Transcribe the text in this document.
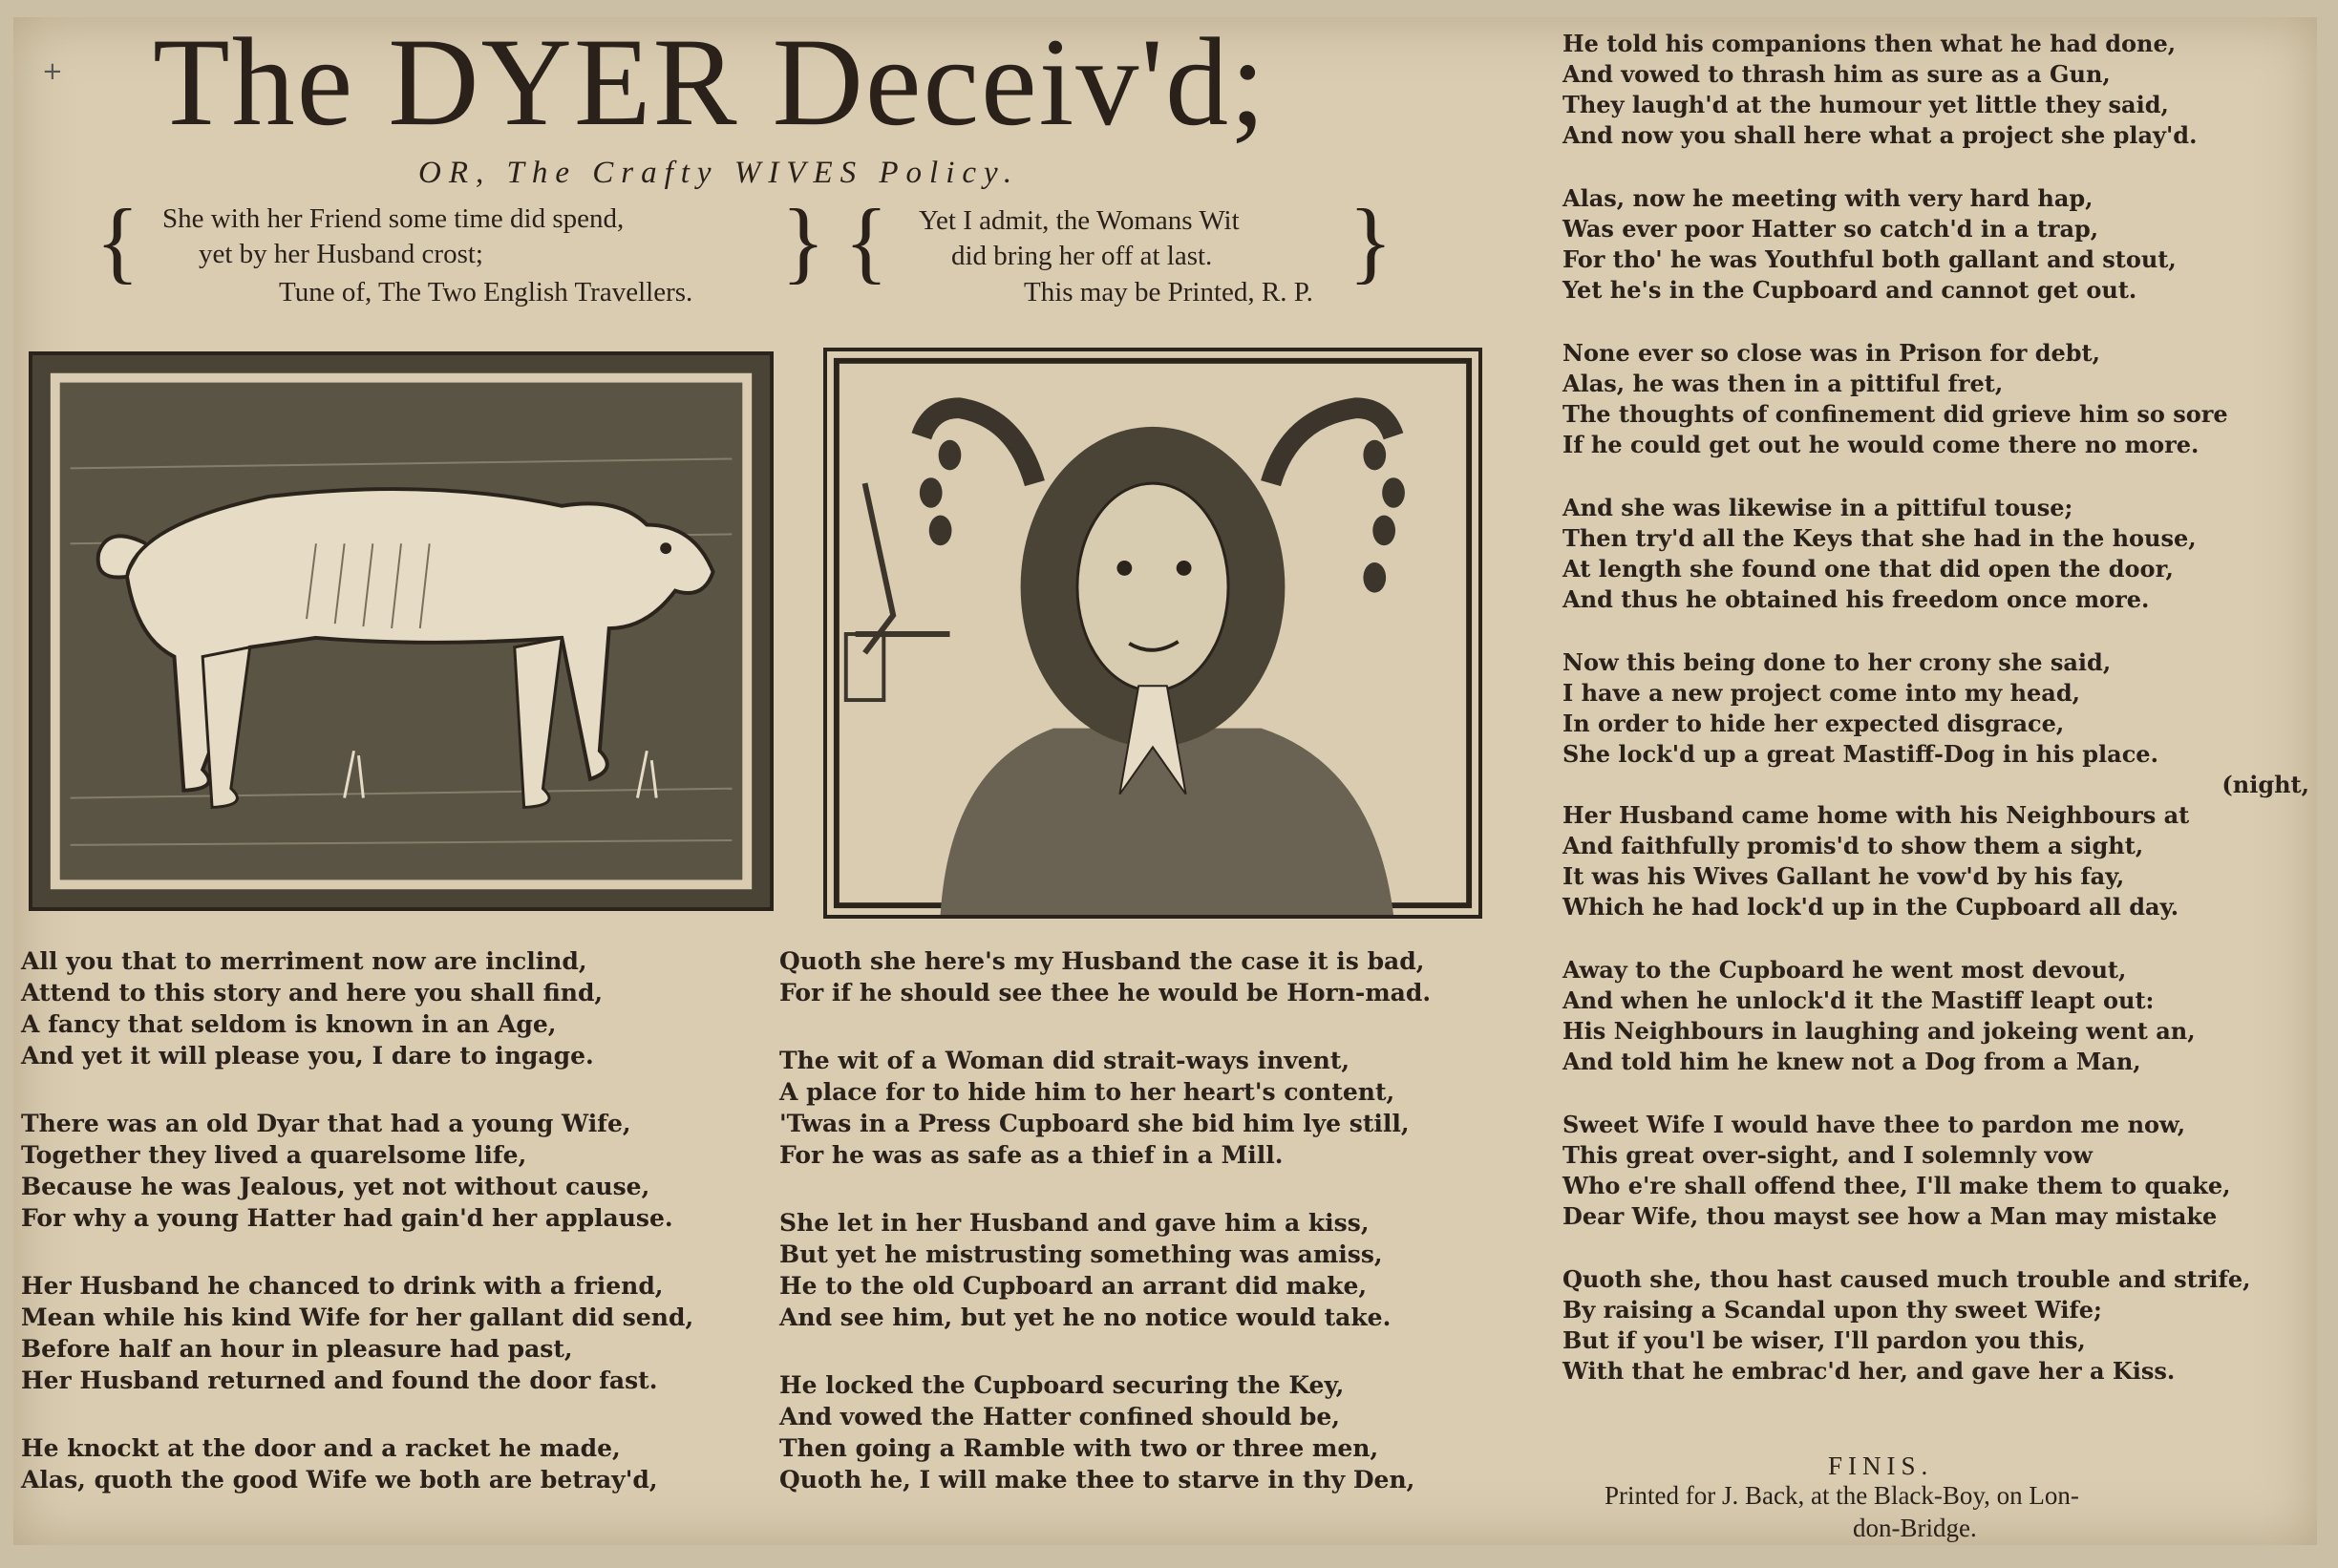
+ The DYER Deceiv'd;
OR, The Crafty WIVES Policy.
{ She with her Friend some time did spend,
yet by her Husband crost;	} { Yet I admit, the Womans Wit
did bring her off at last. }
Tune of, The Two English Travellers.	This may be Printed, R. P.
All you that to merriment now are inclind,
Attend to this story and here you shall find,
A fancy that seldom is known in an Age,
And yet it will please you, I dare to ingage.
There was an old Dyar that had a young Wife,
Together they lived a quarelsome life,
Because he was Jealous, yet not without cause,
For why a young Hatter had gain'd her applause.
Her Husband he chanced to drink with a friend,
Mean while his kind Wife for her gallant did send,
Before half an hour in pleasure had past,
Her Husband returned and found the door fast.
He knockt at the door and a racket he made,
Alas, quoth the good Wife we both are betray'd,
Quoth she here's my Husband the case it is bad,
For if he should see thee he would be Horn-mad.
The wit of a Woman did strait-ways invent,
A place for to hide him to her heart's content,
'Twas in a Press Cupboard she bid him lye still,
For he was as safe as a thief in a Mill.
She let in her Husband and gave him a kiss,
But yet he mistrusting something was amiss,
He to the old Cupboard an arrant did make,
And see him, but yet he no notice would take.
He locked the Cupboard securing the Key,
And vowed the Hatter confined should be,
Then going a Ramble with two or three men,
Quoth he, I will make thee to starve in thy Den,
He told his companions then what he had done,
And vowed to thrash him as sure as a Gun,
They laugh'd at the humour yet little they said,
And now you shall here what a project she play'd.
Alas, now he meeting with very hard hap,
Was ever poor Hatter so catch'd in a trap,
For tho' he was Youthful both gallant and stout,
Yet he's in the Cupboard and cannot get out.
None ever so close was in Prison for debt,
Alas, he was then in a pittiful fret,
The thoughts of confinement did grieve him so sore
If he could get out he would come there no more.
And she was likewise in a pittiful touse;
Then try'd all the Keys that she had in the house,
At length she found one that did open the door,
And thus he obtained his freedom once more.
Now this being done to her crony she said,
I have a new project come into my head,
In order to hide her expected disgrace,
She lock'd up a great Mastiff-Dog in his place.
(night,
Her Husband came home with his Neighbours at
And faithfully promis'd to show them a sight,
It was his Wives Gallant he vow'd by his fay,
Which he had lock'd up in the Cupboard all day.
Away to the Cupboard he went most devout,
And when he unlock'd it the Mastiff leapt out:
His Neighbours in laughing and jokeing went an,
And told him he knew not a Dog from a Man,
Sweet Wife I would have thee to pardon me now,
This great over-sight, and I solemnly vow
Who e're shall offend thee, I'll make them to quake,
Dear Wife, thou mayst see how a Man may mistake
Quoth she, thou hast caused much trouble and strife,
By raising a Scandal upon thy sweet Wife;
But if you'l be wiser, I'll pardon you this,
With that he embrac'd her, and gave her a Kiss.
FINIS.
Printed for J. Back, at the Black-Boy, on Lon-
don-Bridge.
